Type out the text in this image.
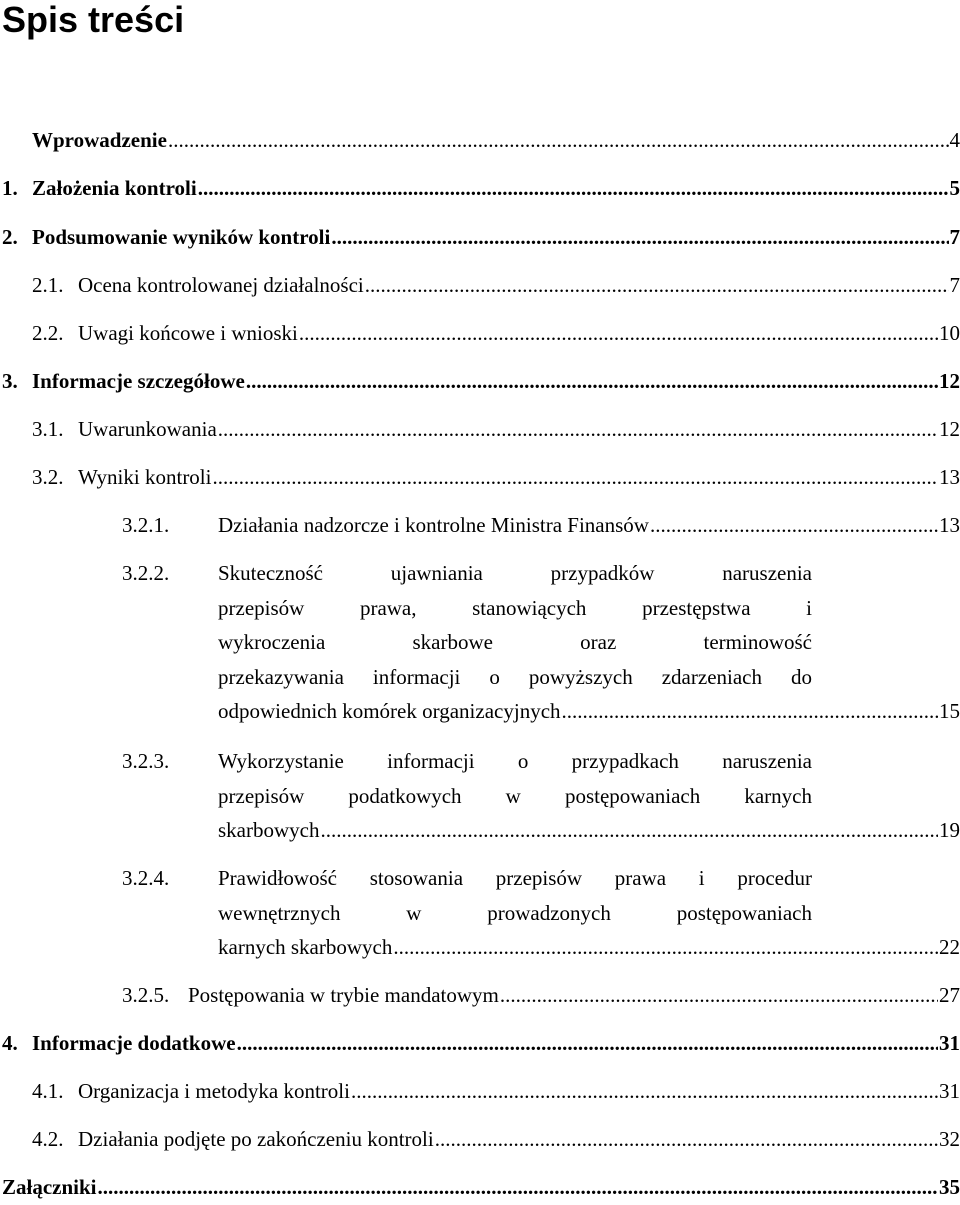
Spis treści
Wprowadzenie .....	4
1. Założenia kontroli .....	5
2. Podsumowanie wyników kontroli .....	7
2.1. Ocena kontrolowanej działalności .....	7
2.2. Uwagi końcowe i wnioski .....	10
3. Informacje szczegółowe .....	12
3.1. Uwarunkowania .....	12
3.2. Wyniki kontroli .....	13
3.2.1.	Działania nadzorcze i kontrolne Ministra Finansów .....	13
3.2.2. Skuteczność ujawniania przypadków naruszenia
przepisów prawa, stanowiących przestępstwa i
wykroczenia skarbowe oraz terminowość
przekazywania informacji o powyższych zdarzeniach do
odpowiednich komórek organizacyjnych .....	15
3.2.3. Wykorzystanie informacji o przypadkach naruszenia
przepisów podatkowych w postępowaniach karnych
skarbowych .....	19
3.2.4. Prawidłowość stosowania przepisów prawa i procedur
wewnętrznych w prowadzonych postępowaniach
karnych skarbowych .....	22
3.2.5. Postępowania w trybie mandatowym .....	27
4. Informacje dodatkowe .....	31
4.1. Organizacja i metodyka kontroli .....	31
4.2. Działania podjęte po zakończeniu kontroli .....	32
Załączniki .....	35
